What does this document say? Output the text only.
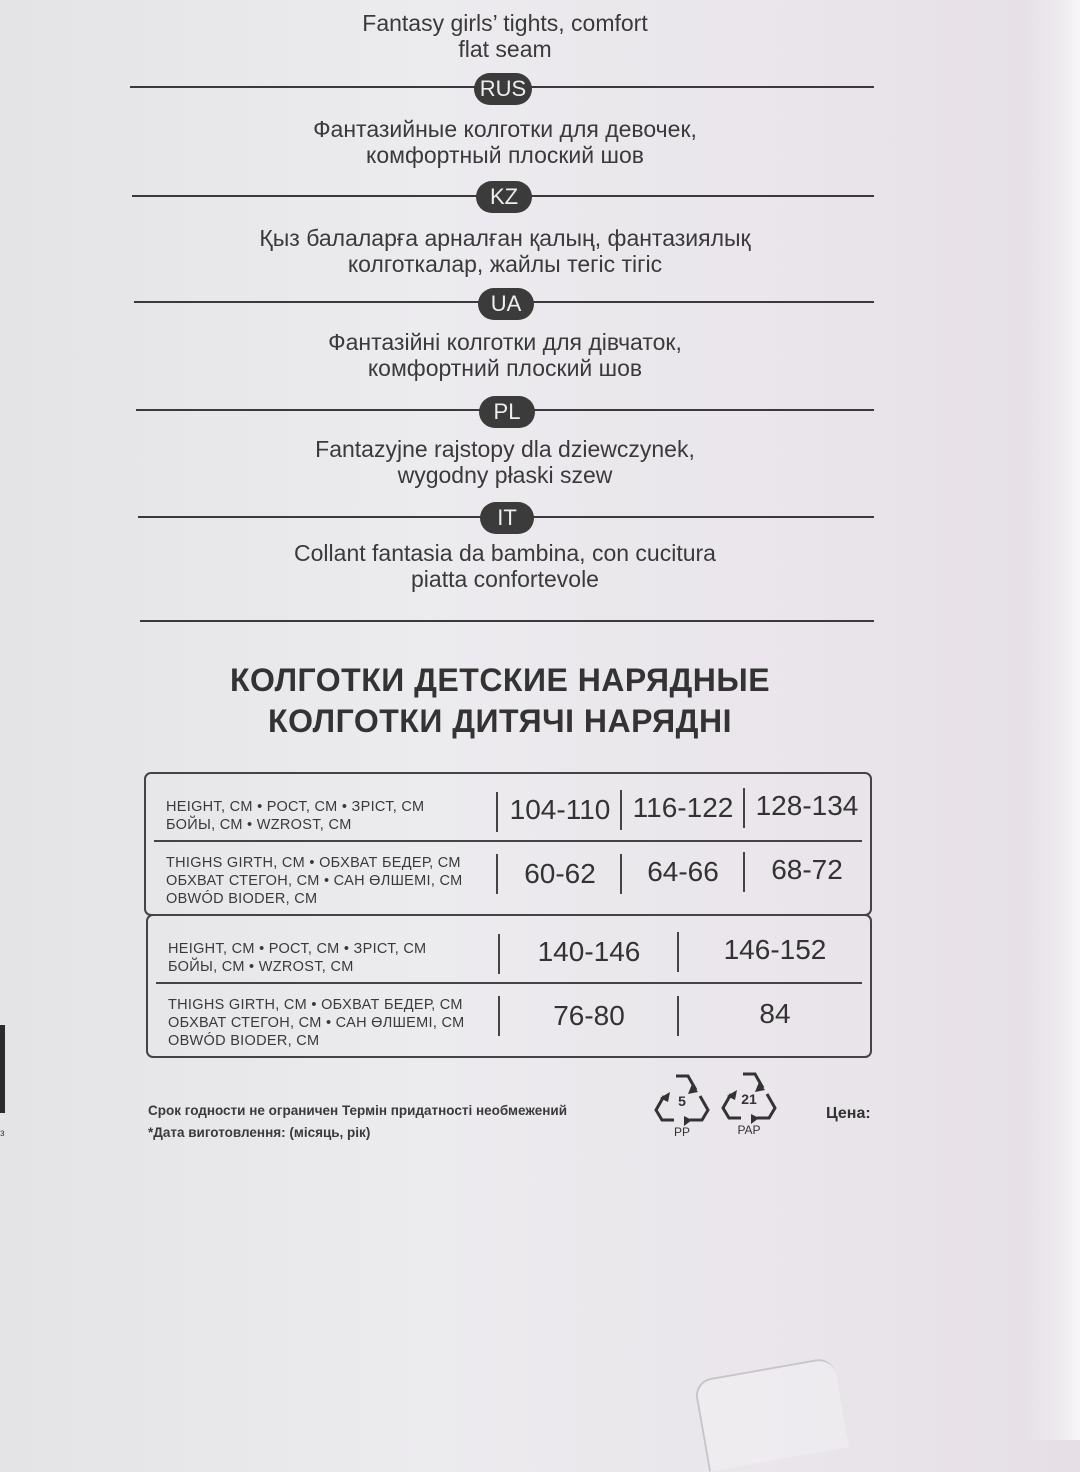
з
Fantasy girls’ tights, comfort
flat seam
RUS
Фантазийные колготки для девочек,
комфортный плоский шов
KZ
Қыз балаларға арналған қалың, фантазиялық
колготкалар, жайлы тегіс тігіс
UA
Фантазійні колготки для дівчаток,
комфортний плоский шов
PL
Fantazyjne rajstopy dla dziewczynek,
wygodny płaski szew
IT
Collant fantasia da bambina, con cucitura
piatta confortevole
КОЛГОТКИ ДЕТСКИЕ НАРЯДНЫЕ
КОЛГОТКИ ДИТЯЧІ НАРЯДНІ
HEIGHT, CM • РОСТ, СМ • ЗРІСТ, СМ
БОЙЫ, СМ • WZROST, CM	104-110 116-122 128-134
THIGHS GIRTH, CM • ОБХВАТ БЕДЕР, СМ
ОБХВАТ СТЕГОН, СМ • САН ӨЛШЕМІ, СМ
OBWÓD BIODER, CM
60-62	64-66	68-72
HEIGHT, CM • РОСТ, СМ • ЗРІСТ, СМ
БОЙЫ, СМ • WZROST, CM	140-146	146-152
THIGHS GIRTH, CM • ОБХВАТ БЕДЕР, СМ
ОБХВАТ СТЕГОН, СМ • САН ӨЛШЕМІ, СМ
OBWÓD BIODER, CM
76-80	84
Срок годности не ограничен Термін придатності необмежений
*Дата виготовлення: (місяць, рік)
5
PP
21
PAP
Цена:
